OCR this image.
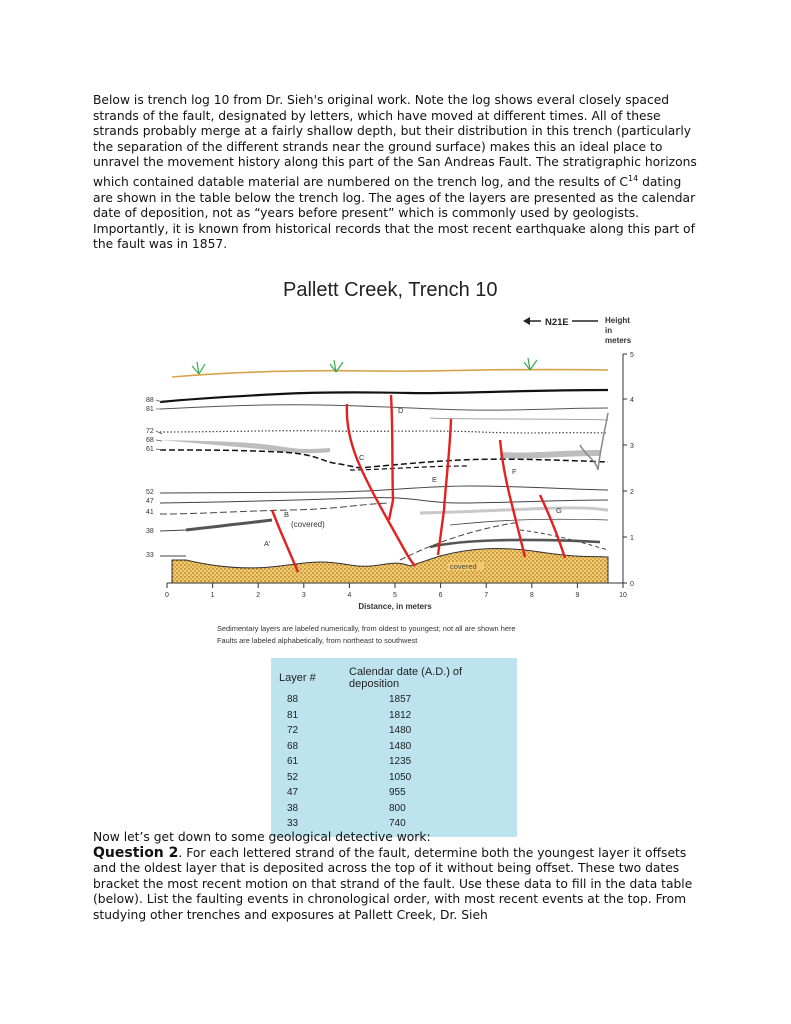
Below is trench log 10 from Dr. Sieh's original work. Note the log shows everal closely spaced strands of the fault, designated by letters, which have moved at different times. All of these strands probably merge at a fairly shallow depth, but their distribution in this trench (particularly the separation of the different strands near the ground surface) makes this an ideal place to unravel the movement history along this part of the San Andreas Fault. The stratigraphic horizons which contained datable material are numbered on the trench log, and the results of $C^{14}$ dating are shown in the table below the trench log. The ages of the layers are presented as the calendar date of deposition, not as “years before present” which is commonly used by geologists. Importantly, it is known from historical records that the most recent earthquake along this part of the fault was in 1857.

Pallett Creek, Trench 10
N21E	Height
in
meters
5
4
3
2
1
0
covered
A'
B
(covered)
C
D
E
F
G
88
81
72
68
61
52
47
41
38
33
0	1	2	3	4	5	6	7	8	9	10
Distance, in meters
Sedimentary layers are labeled numerically, from oldest to youngest; not all are shown here
Faults are labeled alphabetically, from northeast to southwest
Layer #	Calendar date (A.D.) of deposition
88	1857
81	1812
72	1480
68	1480
61	1235
52	1050
47	955
38	800
33	740
Now let’s get down to some geological detective work:
Question 2. For each lettered strand of the fault, determine both the youngest layer it offsets and the oldest layer that is deposited across the top of it without being offset. These two dates bracket the most recent motion on that strand of the fault. Use these data to fill in the data table (below). List the faulting events in chronological order, with most recent events at the top. From studying other trenches and exposures at Pallett Creek, Dr. Sieh
